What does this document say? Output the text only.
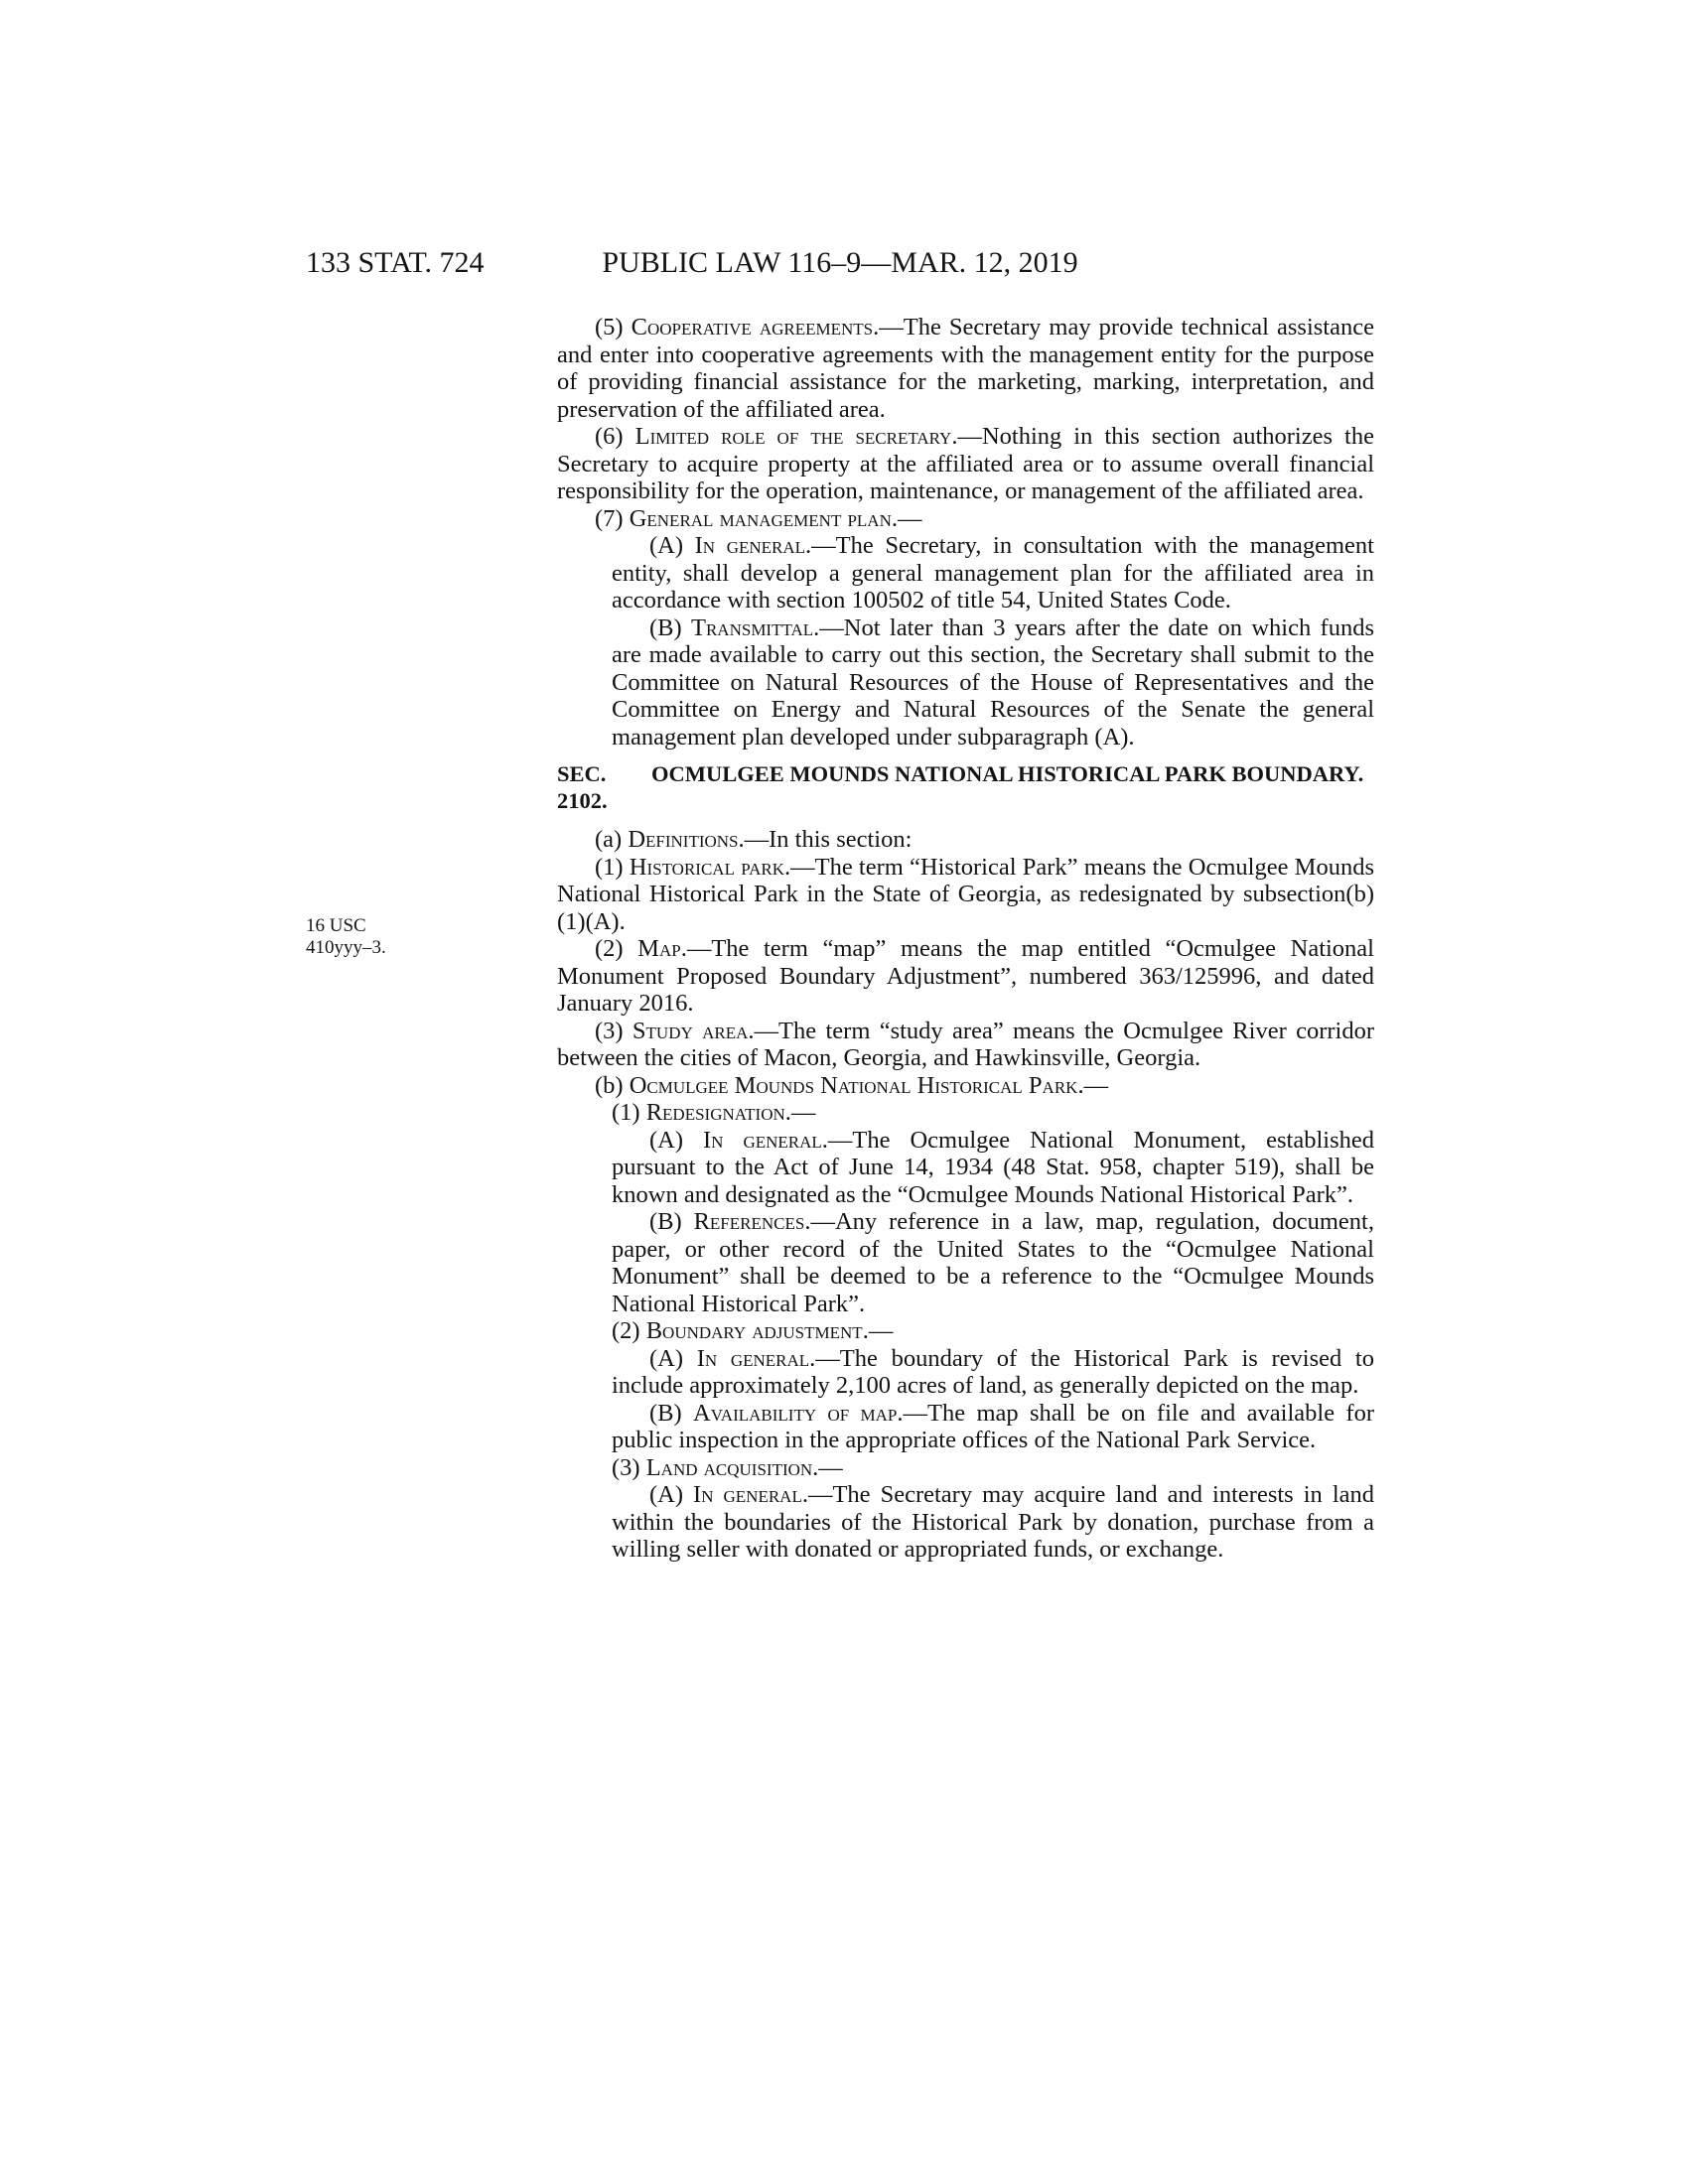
133 STAT. 724	PUBLIC LAW 116–9—MAR. 12, 2019
16 USC
410yyy–3.

(5) Cooperative agreements.—The Secretary may provide technical assistance and enter into cooperative agreements with the management entity for the purpose of providing financial assistance for the marketing, marking, interpretation, and preservation of the affiliated area.

(6) Limited role of the secretary.—Nothing in this section authorizes the Secretary to acquire property at the affiliated area or to assume overall financial responsibility for the operation, maintenance, or management of the affiliated area.

(7) General management plan.—

(A) In general.—The Secretary, in consultation with the management entity, shall develop a general management plan for the affiliated area in accordance with section 100502 of title 54, United States Code.

(B) Transmittal.—Not later than 3 years after the date on which funds are made available to carry out this section, the Secretary shall submit to the Committee on Natural Resources of the House of Representatives and the Committee on Energy and Natural Resources of the Senate the general management plan developed under subparagraph (A).

SEC. 2102.
OCMULGEE MOUNDS NATIONAL HISTORICAL PARK BOUNDARY.

(a) Definitions.—In this section:

(1) Historical park.—The term “Historical Park” means the Ocmulgee Mounds National Historical Park in the State of Georgia, as redesignated by subsection(b)(1)(A).

(2) Map.—The term “map” means the map entitled “Ocmulgee National Monument Proposed Boundary Adjustment”, numbered 363/125996, and dated January 2016.

(3) Study area.—The term “study area” means the Ocmulgee River corridor between the cities of Macon, Georgia, and Hawkinsville, Georgia.

(b) Ocmulgee Mounds National Historical Park.—

(1) Redesignation.—

(A) In general.—The Ocmulgee National Monument, established pursuant to the Act of June 14, 1934 (48 Stat. 958, chapter 519), shall be known and designated as the “Ocmulgee Mounds National Historical Park”.

(B) References.—Any reference in a law, map, regulation, document, paper, or other record of the United States to the “Ocmulgee National Monument” shall be deemed to be a reference to the “Ocmulgee Mounds National Historical Park”.

(2) Boundary adjustment.—

(A) In general.—The boundary of the Historical Park is revised to include approximately 2,100 acres of land, as generally depicted on the map.

(B) Availability of map.—The map shall be on file and available for public inspection in the appropriate offices of the National Park Service.

(3) Land acquisition.—

(A) In general.—The Secretary may acquire land and interests in land within the boundaries of the Historical Park by donation, purchase from a willing seller with donated or appropriated funds, or exchange.
